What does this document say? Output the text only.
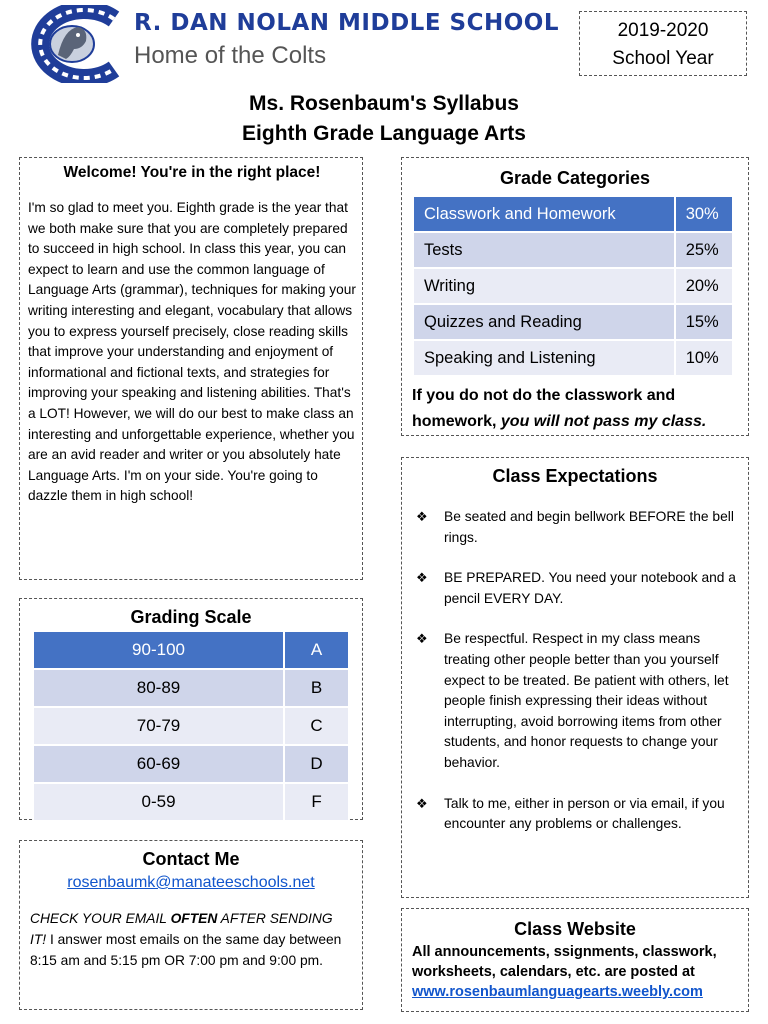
R. DAN NOLAN MIDDLE SCHOOL
Home of the Colts
2019-2020
School Year
Ms. Rosenbaum's Syllabus
Eighth Grade Language Arts
Welcome! You're in the right place!

I'm so glad to meet you. Eighth grade is the year that we both make sure that you are completely prepared to succeed in high school. In class this year, you can expect to learn and use the common language of Language Arts (grammar), techniques for making your writing interesting and elegant, vocabulary that allows you to express yourself precisely, close reading skills that improve your understanding and enjoyment of informational and fictional texts, and strategies for improving your speaking and listening abilities. That's a LOT! However, we will do our best to make class an interesting and unforgettable experience, whether you are an avid reader and writer or you absolutely hate Language Arts. I'm on your side. You're going to dazzle them in high school!

Grading Scale
90-100	A
80-89	B
70-79	C
60-69	D
0-59	F
Contact Me
rosenbaumk@manateeschools.net

CHECK YOUR EMAIL OFTEN AFTER SENDING IT! I answer most emails on the same day between 8:15 am and 5:15 pm OR 7:00 pm and 9:00 pm.

Grade Categories
Classwork and Homework	30%
Tests	25%
Writing	20%
Quizzes and Reading	15%
Speaking and Listening	10%
If you do not do the classwork and homework, you will not pass my class.
Class Expectations
❖ Be seated and begin bellwork BEFORE the bell rings.
❖ BE PREPARED. You need your notebook and a pencil EVERY DAY.
❖ Be respectful. Respect in my class means treating other people better than you yourself expect to be treated. Be patient with others, let people finish expressing their ideas without interrupting, avoid borrowing items from other students, and honor requests to change your behavior.
❖ Talk to me, either in person or via email, if you encounter any problems or challenges.
Class Website

All announcements, ssignments, classwork, worksheets, calendars, etc. are posted at
www.rosenbaumlanguagearts.weebly.com
